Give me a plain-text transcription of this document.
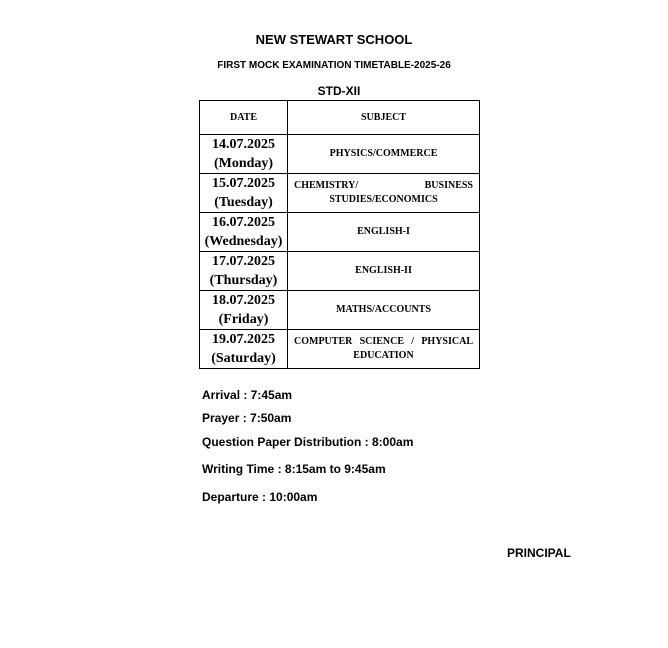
NEW STEWART SCHOOL
FIRST MOCK EXAMINATION TIMETABLE-2025-26
STD-XII
DATE	SUBJECT

14.07.2025
(Monday)	PHYSICS/COMMERCE

15.07.2025
(Tuesday)	CHEMISTRY/ BUSINESS STUDIES/ECONOMICS

16.07.2025
(Wednesday)	ENGLISH-I

17.07.2025
(Thursday)	ENGLISH-II

18.07.2025
(Friday)	MATHS/ACCOUNTS

19.07.2025
(Saturday)	COMPUTER SCIENCE / PHYSICAL EDUCATION
Arrival : 7:45am
Prayer : 7:50am
Question Paper Distribution : 8:00am
Writing Time : 8:15am to 9:45am
Departure : 10:00am
PRINCIPAL
